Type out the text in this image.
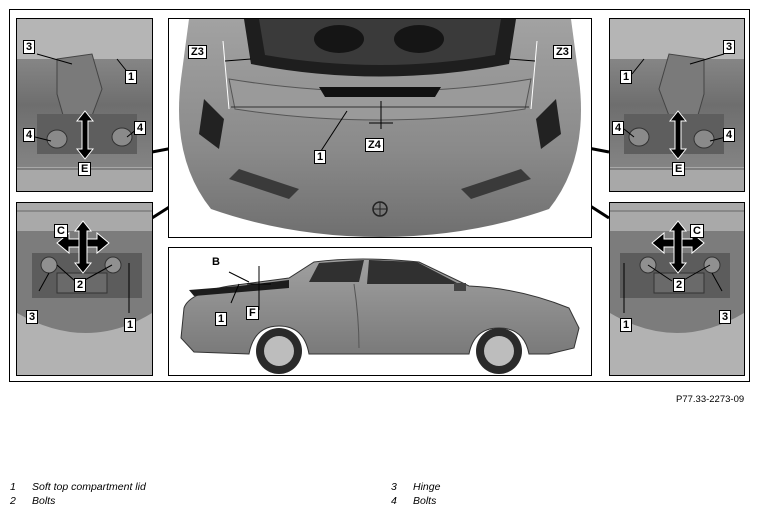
3
1
4
4
E
C
2
3
1
Z3	Z3
Z4
1
B
1 F
3
1
4
4
E
C
2
3
1
P77.33-2273-09
1 Soft top compartment lid
2 Bolts
3 Hinge
4 Bolts
